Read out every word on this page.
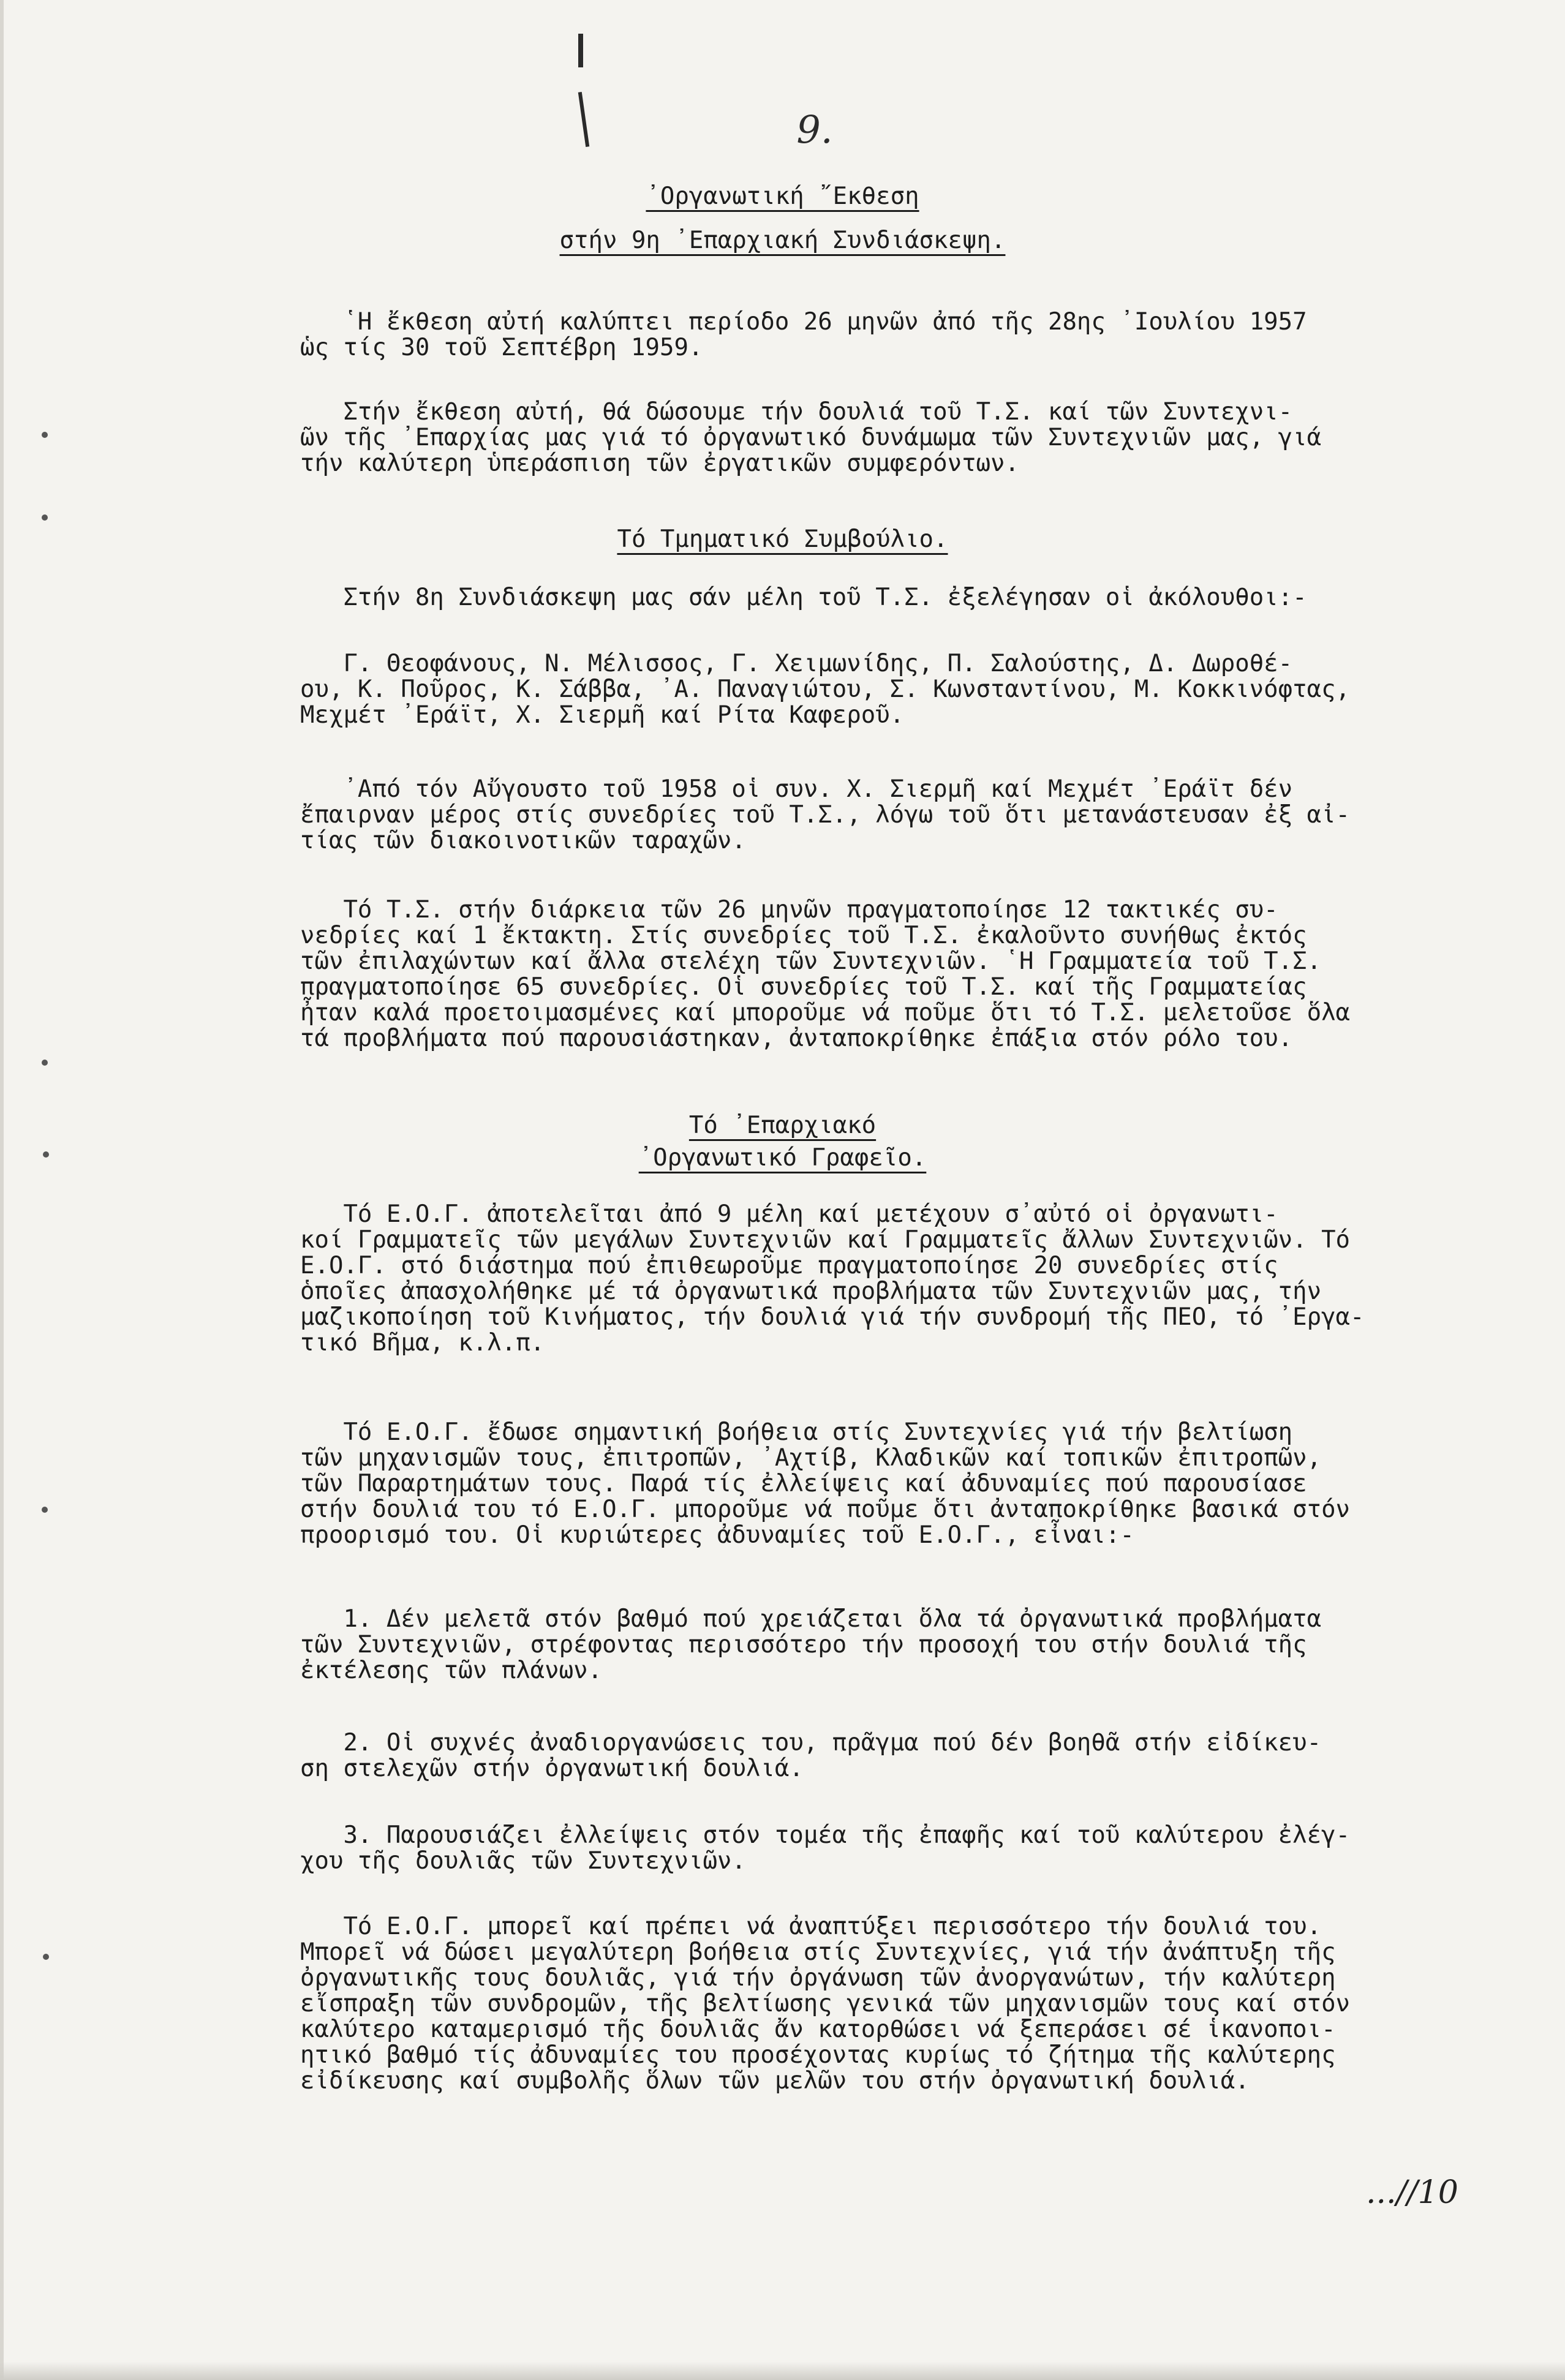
9.
᾽Οργανωτική ῎Εκθεση
στήν 9η ᾽Επαρχιακή Συνδιάσκεψη.

῾Η ἔκθεση αὐτή καλύπτει περίοδο 26 μηνῶν ἀπό τῆς 28ης ᾽Ιουλίου 1957
ὡς τίς 30 τοῦ Σεπτέβρη 1959.

Στήν ἔκθεση αὐτή, θά δώσουμε τήν δουλιά τοῦ Τ.Σ. καί τῶν Συντεχνι-
ῶν τῆς ᾽Επαρχίας μας γιά τό ὀργανωτικό δυνάμωμα τῶν Συντεχνιῶν μας, γιά
τήν καλύτερη ὑπεράσπιση τῶν ἐργατικῶν συμφερόντων.

Τό Τμηματικό Συμβούλιο.

Στήν 8η Συνδιάσκεψη μας σάν μέλη τοῦ Τ.Σ. ἐξελέγησαν οἱ ἀκόλουθοι:-

Γ. Θεοφάνους, Ν. Μέλισσος, Γ. Χειμωνίδης, Π. Σαλούστης, Δ. Δωροθέ-
ου, Κ. Ποῦρος, Κ. Σάββα, ᾽Α. Παναγιώτου, Σ. Κωνσταντίνου, Μ. Κοκκινόφτας,
Μεχμέτ ᾽Εράϊτ, Χ. Σιερμῆ καί Ρίτα Καφεροῦ.

᾽Από τόν Αὔγουστο τοῦ 1958 οἱ συν. Χ. Σιερμῆ καί Μεχμέτ ᾽Εράϊτ δέν
ἔπαιρναν μέρος στίς συνεδρίες τοῦ Τ.Σ., λόγω τοῦ ὅτι μετανάστευσαν ἐξ αἰ-
τίας τῶν διακοινοτικῶν ταραχῶν.

Τό Τ.Σ. στήν διάρκεια τῶν 26 μηνῶν πραγματοποίησε 12 τακτικές συ-
νεδρίες καί 1 ἔκτακτη. Στίς συνεδρίες τοῦ Τ.Σ. ἐκαλοῦντο συνήθως ἐκτός
τῶν ἐπιλαχώντων καί ἄλλα στελέχη τῶν Συντεχνιῶν. ῾Η Γραμματεία τοῦ Τ.Σ.
πραγματοποίησε 65 συνεδρίες. Οἱ συνεδρίες τοῦ Τ.Σ. καί τῆς Γραμματείας
ἦταν καλά προετοιμασμένες καί μποροῦμε νά ποῦμε ὅτι τό Τ.Σ. μελετοῦσε ὅλα
τά προβλήματα πού παρουσιάστηκαν, ἀνταποκρίθηκε ἐπάξια στόν ρόλο του.

Τό ᾽Επαρχιακό
᾽Οργανωτικό Γραφεῖο.

Τό Ε.Ο.Γ. ἀποτελεῖται ἀπό 9 μέλη καί μετέχουν σ᾽αὐτό οἱ ὀργανωτι-
κοί Γραμματεῖς τῶν μεγάλων Συντεχνιῶν καί Γραμματεῖς ἄλλων Συντεχνιῶν. Τό
Ε.Ο.Γ. στό διάστημα πού ἐπιθεωροῦμε πραγματοποίησε 20 συνεδρίες στίς
ὁποῖες ἀπασχολήθηκε μέ τά ὀργανωτικά προβλήματα τῶν Συντεχνιῶν μας, τήν
μαζικοποίηση τοῦ Κινήματος, τήν δουλιά γιά τήν συνδρομή τῆς ΠΕΟ, τό ᾽Εργα-
τικό Βῆμα, κ.λ.π.

Τό Ε.Ο.Γ. ἔδωσε σημαντική βοήθεια στίς Συντεχνίες γιά τήν βελτίωση
τῶν μηχανισμῶν τους, ἐπιτροπῶν, ᾽Αχτίβ, Κλαδικῶν καί τοπικῶν ἐπιτροπῶν,
τῶν Παραρτημάτων τους. Παρά τίς ἐλλείψεις καί ἀδυναμίες πού παρουσίασε
στήν δουλιά του τό Ε.Ο.Γ. μποροῦμε νά ποῦμε ὅτι ἀνταποκρίθηκε βασικά στόν
προορισμό του. Οἱ κυριώτερες ἀδυναμίες τοῦ Ε.Ο.Γ., εἶναι:-

1. Δέν μελετᾶ στόν βαθμό πού χρειάζεται ὅλα τά ὀργανωτικά προβλήματα
τῶν Συντεχνιῶν, στρέφοντας περισσότερο τήν προσοχή του στήν δουλιά τῆς
ἐκτέλεσης τῶν πλάνων.

2. Οἱ συχνές ἀναδιοργανώσεις του, πρᾶγμα πού δέν βοηθᾶ στήν εἰδίκευ-
ση στελεχῶν στήν ὀργανωτική δουλιά.

3. Παρουσιάζει ἐλλείψεις στόν τομέα τῆς ἐπαφῆς καί τοῦ καλύτερου ἐλέγ-
χου τῆς δουλιᾶς τῶν Συντεχνιῶν.

Τό Ε.Ο.Γ. μπορεῖ καί πρέπει νά ἀναπτύξει περισσότερο τήν δουλιά του.
Μπορεῖ νά δώσει μεγαλύτερη βοήθεια στίς Συντεχνίες, γιά τήν ἀνάπτυξη τῆς
ὀργανωτικῆς τους δουλιᾶς, γιά τήν ὀργάνωση τῶν ἀνοργανώτων, τήν καλύτερη
εἴσπραξη τῶν συνδρομῶν, τῆς βελτίωσης γενικά τῶν μηχανισμῶν τους καί στόν
καλύτερο καταμερισμό τῆς δουλιᾶς ἄν κατορθώσει νά ξεπεράσει σέ ἱκανοποι-
ητικό βαθμό τίς ἀδυναμίες του προσέχοντας κυρίως τό ζήτημα τῆς καλύτερης
εἰδίκευσης καί συμβολῆς ὅλων τῶν μελῶν του στήν ὀργανωτική δουλιά.

...//10
